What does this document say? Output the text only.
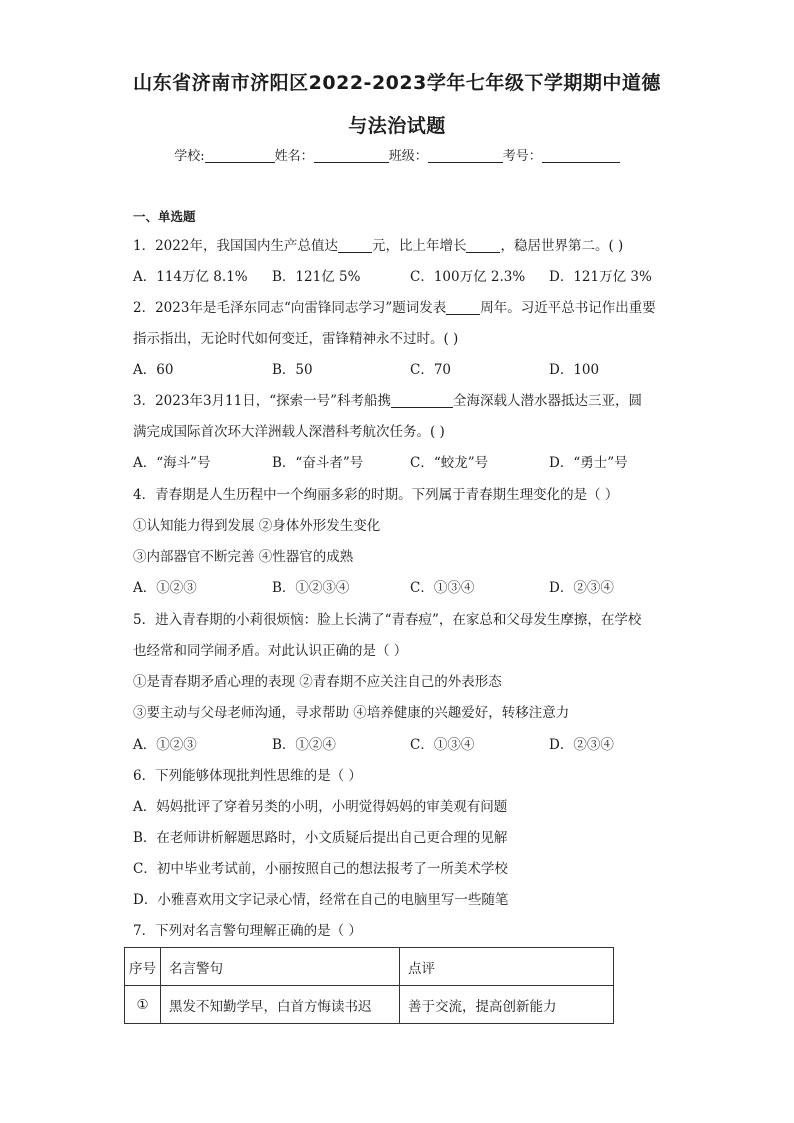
山东省济南市济阳区2022-2023学年七年级下学期期中道德
与法治试题
学校:	姓名：	班级：	考号：
一、单选题
1．2022年，我国国内生产总值达	元，比上年增长	，稳居世界第二。( )
A．114万亿 8.1% B．121亿 5%	C．100万亿 2.3% D．121万亿 3%
2．2023年是毛泽东同志“向雷锋同志学习”题词发表	周年。习近平总书记作出重要
指示指出，无论时代如何变迁，雷锋精神永不过时。( )
A．60	B．50	C．70	D．100
3．2023年3月11日，“探索一号”科考船携	全海深载人潜水器抵达三亚，圆
满完成国际首次环大洋洲载人深潜科考航次任务。( )
A．“海斗”号	B．“奋斗者”号	C．“蛟龙”号	D．“勇士”号
4．青春期是人生历程中一个绚丽多彩的时期。下列属于青春期生理变化的是（ ）
①认知能力得到发展 ②身体外形发生变化
③内部器官不断完善 ④性器官的成熟
A．①②③	B．①②③④	C．①③④	D．②③④
5．进入青春期的小莉很烦恼：脸上长满了“青春痘”，在家总和父母发生摩擦，在学校
也经常和同学闹矛盾。对此认识正确的是（ ）
①是青春期矛盾心理的表现 ②青春期不应关注自己的外表形态
③要主动与父母老师沟通，寻求帮助 ④培养健康的兴趣爱好，转移注意力
A．①②③	B．①②④	C．①③④	D．②③④
6．下列能够体现批判性思维的是（ ）
A．妈妈批评了穿着另类的小明，小明觉得妈妈的审美观有问题
B．在老师讲析解题思路时，小文质疑后提出自己更合理的见解
C．初中毕业考试前，小丽按照自己的想法报考了一所美术学校
D．小雅喜欢用文字记录心情，经常在自己的电脑里写一些随笔
7．下列对名言警句理解正确的是（ ）
序号	名言警句	点评
①	黑发不知勤学早，白首方悔读书迟	善于交流，提高创新能力
